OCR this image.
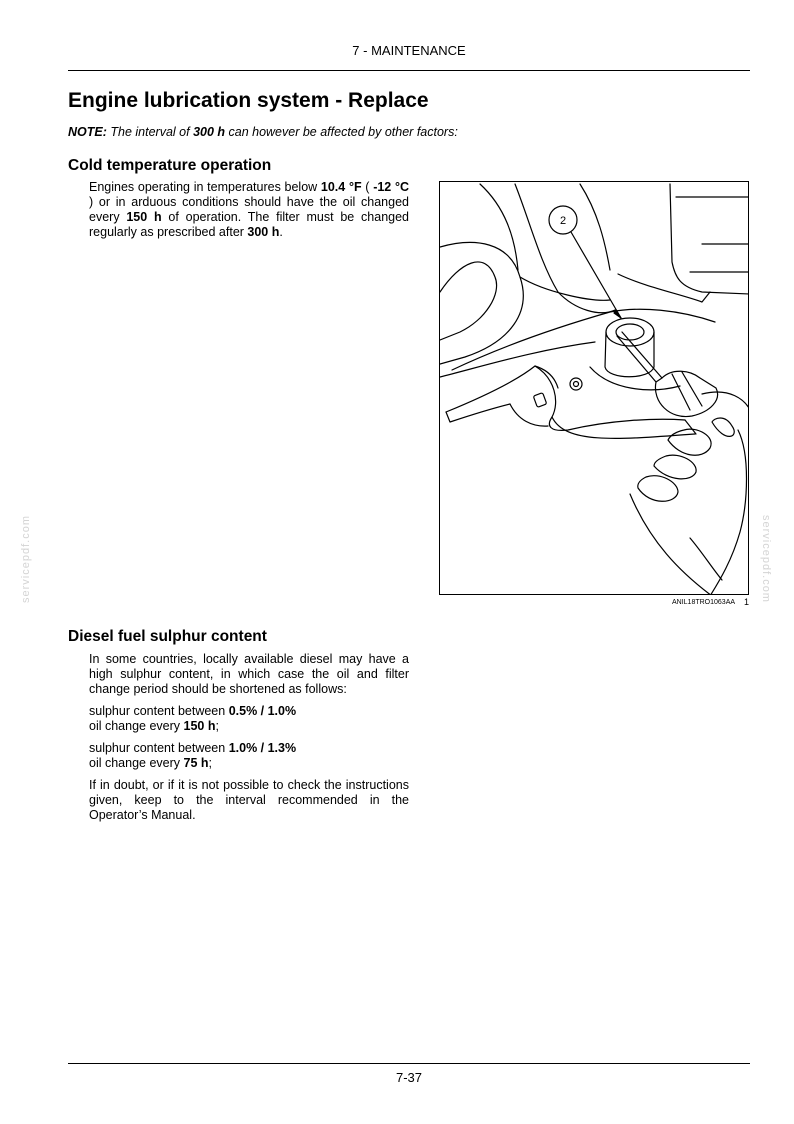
7 - MAINTENANCE
Engine lubrication system - Replace
NOTE: The interval of 300 h can however be affected by other factors:
Cold temperature operation

Engines operating in temperatures below 10.4 °F ( -12 °C ) or in arduous conditions should have the oil changed every 150 h of operation. The filter must be changed regularly as prescribed after 300 h.

2
ANIL18TRO1063AA 1
Diesel fuel sulphur content

In some countries, locally available diesel may have a high sulphur content, in which case the oil and filter change period should be shortened as follows:

sulphur content between 0.5% / 1.0%
oil change every 150 h;

sulphur content between 1.0% / 1.3%
oil change every 75 h;

If in doubt, or if it is not possible to check the instructions given, keep to the interval recommended in the Operator’s Manual.

servicepdf.com	servicepdf.com
7-37
